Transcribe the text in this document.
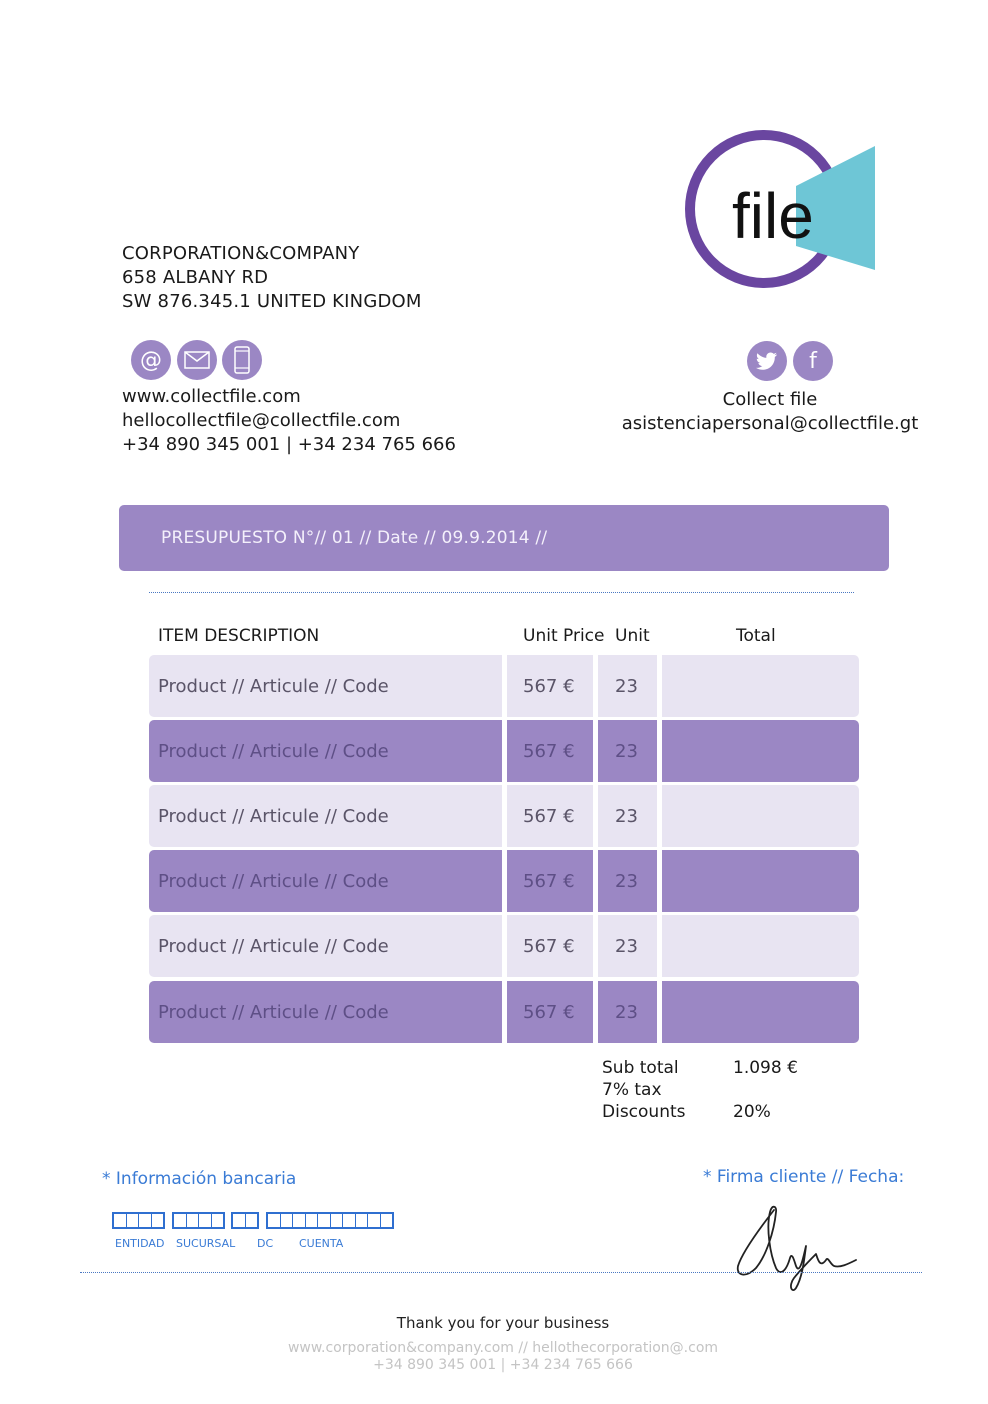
file
CORPORATION&COMPANY
658 ALBANY RD
SW 876.345.1 UNITED KINGDOM
@
www.collectfile.com
hellocollectfile@collectfile.com
+34 890 345 001 | +34 234 765 666
f
Collect file
asistenciapersonal@collectfile.gt
PRESUPUESTO N°// 01 // Date // 09.9.2014 //
ITEM DESCRIPTION	Unit Price Unit	Total
Product // Articule // Code	567 €	23
Product // Articule // Code	567 €	23
Product // Articule // Code	567 €	23
Product // Articule // Code	567 €	23
Product // Articule // Code	567 €	23
Product // Articule // Code	567 €	23
Sub total	1.098 €
7% tax
Discounts	20%
* Información bancaria
ENTIDAD SUCURSAL DC CUENTA
* Firma cliente // Fecha:
Thank you for your business
www.corporation&company.com // hellothecorporation@.com
+34 890 345 001 | +34 234 765 666
